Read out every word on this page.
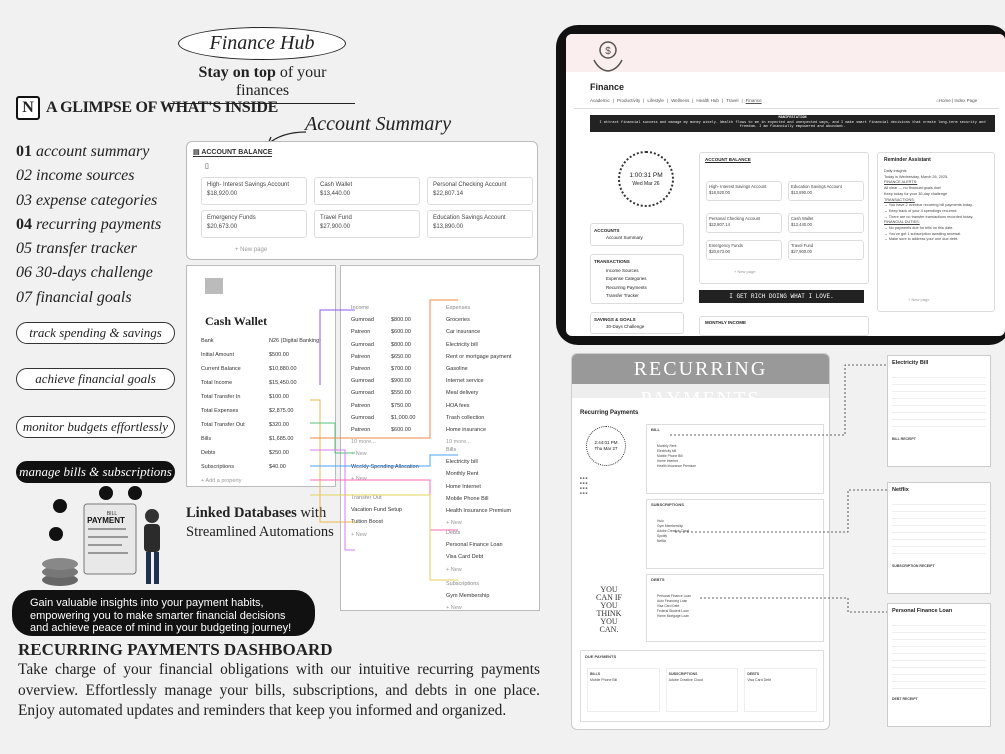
Finance Hub
Stay on top of your finances
N A GLIMPSE OF WHAT'S INSIDE
01 account summary
02 income sources
03 expense categories
04 recurring payments
05 transfer tracker
06 30-days challenge
07 financial goals
track spending & savings
achieve financial goals
monitor budgets effortlessly
manage bills & subscriptions
BILL
PAYMENT
Gain valuable insights into your payment habits, empowering you to make smarter financial decisions and achieve peace of mind in your budgeting journey!
RECURRING PAYMENTS DASHBOARD
Take charge of your financial obligations with our intuitive recurring payments overview. Effortlessly manage your bills, subscriptions, and debts in one place. Enjoy automated updates and reminders that keep you informed and organized.
Linked Databases with
Streamlined Automations
Account Summary
▤ ACCOUNT BALANCE
▯
High- Interest Savings Account
$18,920.00
Cash Wallet
$13,440.00
Personal Checking Account
$22,807.14
Emergency Funds
$20,673.00
Travel Fund
$27,900.00
Education Savings Account
$13,890.00
+ New page
Cash Wallet
Bank	N26 (Digital Banking)
Initial Amount	$500.00
Current Balance	$10,880.00
Total Income	$15,450.00
Total Transfer In	$100.00
Total Expenses	$2,875.00
Total Transfer Out	$320.00
Bills	$1,685.00
Debts	$250.00
Subscriptions	$40.00
+ Add a property
Income
Gumroad	$800.00
Patreon	$600.00
Gumroad	$800.00
Patreon	$650.00
Patreon	$700.00
Gumroad	$900.00
Gumroad	$550.00
Patreon	$750.00
Gumroad	$1,000.00
Patreon	$600.00
10 more...
+ New
Weekly Spending Allocation
+ New
Transfer Out
Vacation Fund Setup
Tuition Boost
+ New
Expenses
Groceries
Car insurance
Electricity bill
Rent or mortgage payment
Gasoline
Internet service
Meal delivery
HOA fees
Trash collection
Home insurance
10 more...
Bills
Electricity bill
Monthly Rent
Home Internet
Mobile Phone Bill
Health Insurance Premium
+ New
Debts
Personal Finance Loan
Visa Card Debt
+ New
Subscriptions
Gym Membership
+ New
$
Finance
Academic | Productivity | Lifestyle | Wellness | Health Hub | Travel | Finance	⌂Home | Index Page
MANIFESTATION
I attract financial success and manage my money wisely. Wealth flows to me in expected and unexpected ways, and I make smart financial decisions that create long-term security and freedom. I am financially empowered and abundant.
1:00:31 PM
Wed Mar 26
ACCOUNTS
Account Summary
TRANSACTIONS
Income Sources
Expense Categories
Recurring Payments
Transfer Tracker
SAVINGS & GOALS
30-Days Challenge
ACCOUNT BALANCE
High- Interest Savings Account
$18,920.00
Education Savings Account
$13,890.00
Personal Checking Account
$22,807.14
Cash Wallet
$13,440.00
Emergency Funds
$20,673.00
Travel Fund
$27,900.00
+ New page
I GET RICH DOING WHAT I LOVE.
MONTHLY INCOME
Reminder Assistant
Daily Insights
Today is Wednesday, March 26, 2025.
FINANCE ALERTS:
All clear — no financial goals due!
Keep today for your 30-day challenge
TRANSACTIONS:
→ You have 2 overdue recurring bill payments today.
→ Keep track of your 4 spendings recurred.
→ There are no transfer transactions recorded today.
FINANCIAL DUTIES:
→ No payments due for bills on this date.
→ You've got 1 subscription awaiting renewal.
→ Make sure to address your one due debt.
+ New page
RECURRING PAYMENTS
Recurring Payments
2:44:01 PM
Thu Mar 27
■ ■ ■
■ ■ ■
■ ■ ■
■ ■ ■
BILL
Monthly Rent
Electricity bill
Mobile Phone Bill
Home Internet
Health Insurance Premium
SUBSCRIPTIONS
Hulu
Gym Membership
Adobe Creative Cloud
Spotify
Netflix
YOU CAN IF YOU THINK YOU CAN.
DEBTS
Personal Finance Loan
Auto Financing Loan
Visa Card Debt
Federal Student Loan
Home Mortgage Loan
DUE PAYMENTS
BILLS
Mobile Phone Bill
SUBSCRIPTIONS
Adobe Creative Cloud
DEBTS
Visa Card Debt
Electricity Bill
BILL RECEIPT
Netflix
SUBSCRIPTION RECEIPT
Personal Finance Loan
DEBT RECEIPT
